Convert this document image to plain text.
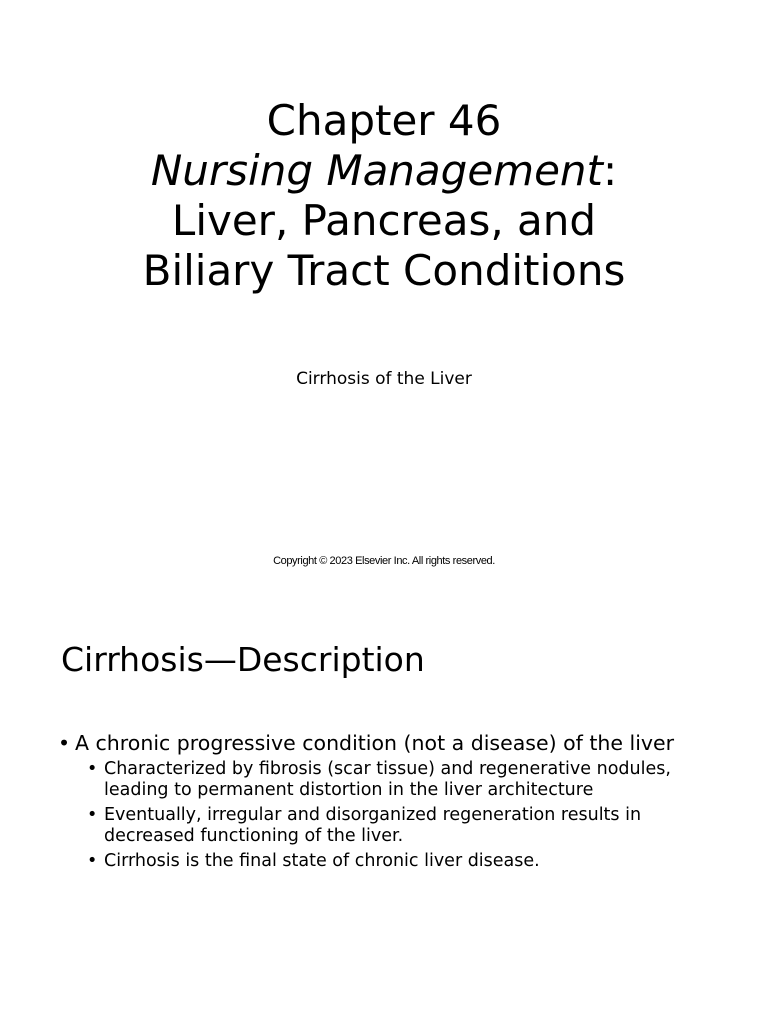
Chapter 46
Nursing Management:
Liver, Pancreas, and
Biliary Tract Conditions
Cirrhosis of the Liver
Copyright © 2023 Elsevier Inc. All rights reserved.
Cirrhosis—Description
• A chronic progressive condition (not a disease) of the liver
• Characterized by fibrosis (scar tissue) and regenerative nodules, leading to permanent distortion in the liver architecture
• Eventually, irregular and disorganized regeneration results in decreased functioning of the liver.
• Cirrhosis is the final state of chronic liver disease.
